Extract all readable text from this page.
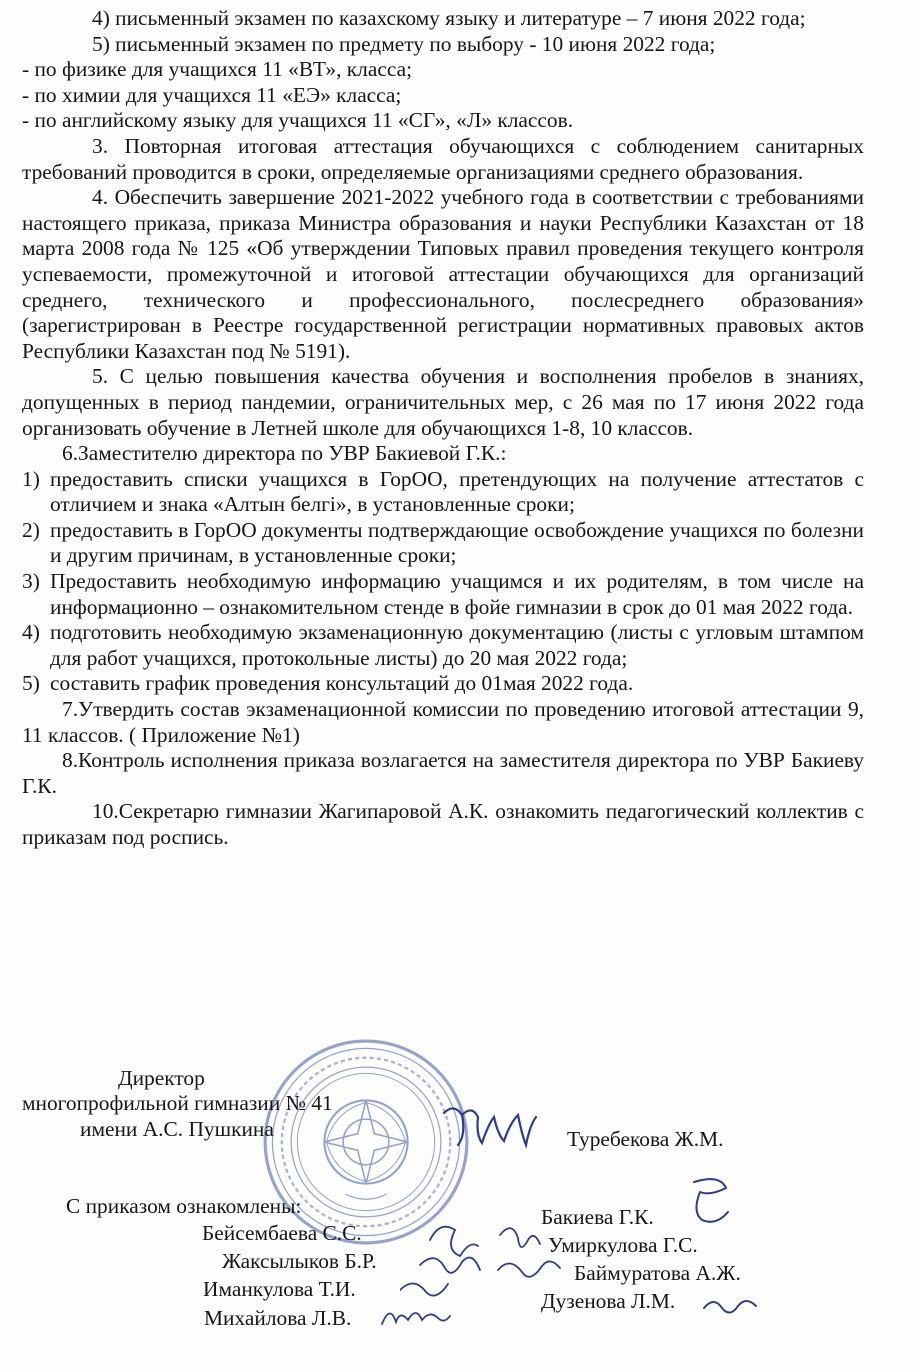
4) письменный экзамен по казахскому языку и литературе – 7 июня 2022 года;

5) письменный экзамен по предмету по выбору - 10 июня 2022 года;

- по физике для учащихся 11 «ВТ», класса;

- по химии для учащихся 11 «ЕЭ» класса;

- по английскому языку для учащихся 11 «СГ», «Л» классов.

3. Повторная итоговая аттестация обучающихся с соблюдением санитарных требований проводится в сроки, определяемые организациями среднего образования.

4. Обеспечить завершение 2021-2022 учебного года в соответствии с требованиями настоящего приказа, приказа Министра образования и науки Республики Казахстан от 18 марта 2008 года № 125 «Об утверждении Типовых правил проведения текущего контроля успеваемости, промежуточной и итоговой аттестации обучающихся для организаций среднего, технического и профессионального, послесреднего образования» (зарегистрирован в Реестре государственной регистрации нормативных правовых актов Республики Казахстан под № 5191).

5. С целью повышения качества обучения и восполнения пробелов в знаниях, допущенных в период пандемии, ограничительных мер, с 26 мая по 17 июня 2022 года организовать обучение в Летней школе для обучающихся 1-8, 10 классов.

6.Заместителю директора по УВР Бакиевой Г.К.:

1) предоставить списки учащихся в ГорОО, претендующих на получение аттестатов с отличием и знака «Алтын белгі», в установленные сроки;
2) предоставить в ГорОО документы подтверждающие освобождение учащихся по болезни и другим причинам, в установленные сроки;
3) Предоставить необходимую информацию учащимся и их родителям, в том числе на информационно – ознакомительном стенде в фойе гимназии в срок до 01 мая 2022 года.
4) подготовить необходимую экзаменационную документацию (листы с угловым штампом для работ учащихся, протокольные листы) до 20 мая 2022 года;
5) составить график проведения консультаций до 01мая 2022 года.

7.Утвердить состав экзаменационной комиссии по проведению итоговой аттестации 9, 11 классов. ( Приложение №1)

8.Контроль исполнения приказа возлагается на заместителя директора по УВР Бакиеву Г.К.

10.Секретарю гимназии Жагипаровой А.К. ознакомить педагогический коллектив с приказам под роспись.

Директор
многопрофильной гимназии № 41
имени А.С. Пушкина	Туребекова Ж.М.
С приказом ознакомлены:
Бейсембаева С.С.
Жаксылыков Б.Р.
Иманкулова Т.И.
Михайлова Л.В.
Бакиева Г.К.
Умиркулова Г.С.
Баймуратова А.Ж.
Дузенова Л.М.
